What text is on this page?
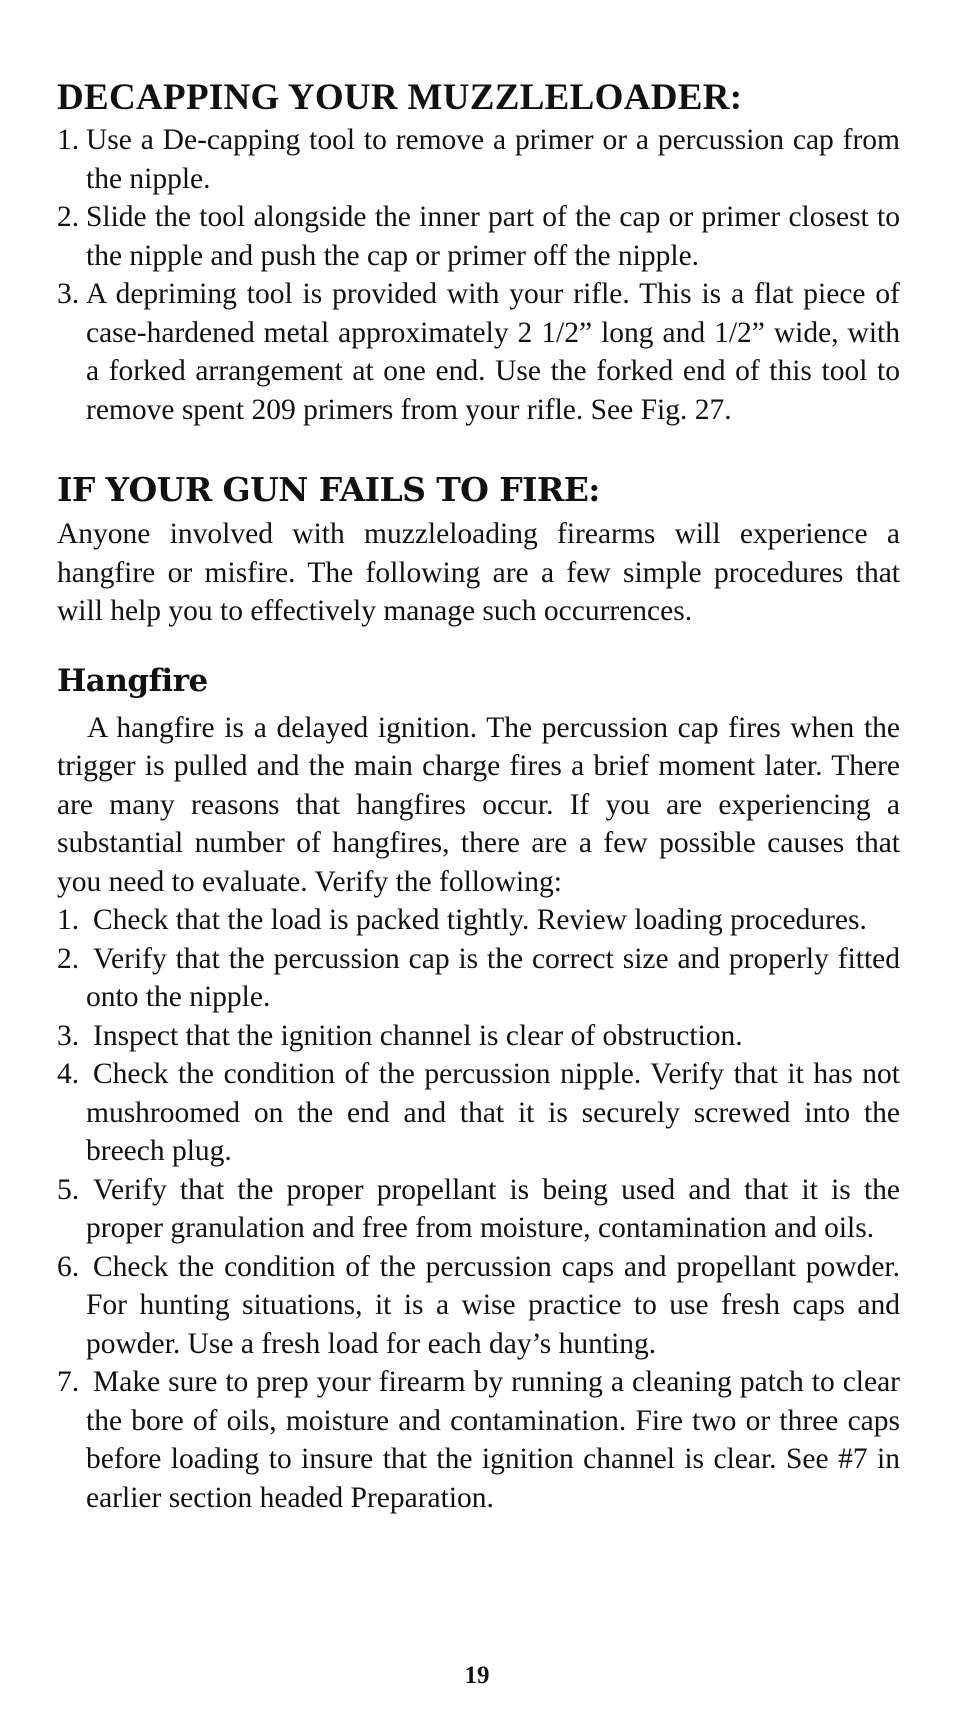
DECAPPING YOUR MUZZLELOADER:
1. Use a De-capping tool to remove a primer or a percussion cap from the nipple.
2. Slide the tool alongside the inner part of the cap or primer closest to the nipple and push the cap or primer off the nipple.
3. A depriming tool is provided with your rifle. This is a flat piece of case-hardened metal approximately 2 1/2” long and 1/2” wide, with a forked arrangement at one end. Use the forked end of this tool to remove spent 209 primers from your rifle. See Fig. 27.
IF YOUR GUN FAILS TO FIRE:

Anyone involved with muzzleloading firearms will experience a hangfire or misfire. The following are a few simple procedures that will help you to effectively manage such occurrences.

Hangfire

A hangfire is a delayed ignition. The percussion cap fires when the trigger is pulled and the main charge fires a brief moment later. There are many reasons that hangfires occur. If you are experiencing a substantial number of hangfires, there are a few possible causes that you need to evaluate. Verify the following:

1. Check that the load is packed tightly. Review loading procedures.
2. Verify that the percussion cap is the correct size and properly fitted onto the nipple.
3. Inspect that the ignition channel is clear of obstruction.
4. Check the condition of the percussion nipple. Verify that it has not mushroomed on the end and that it is securely screwed into the breech plug.
5. Verify that the proper propellant is being used and that it is the proper granulation and free from moisture, contamination and oils.
6. Check the condition of the percussion caps and propellant powder. For hunting situations, it is a wise practice to use fresh caps and powder. Use a fresh load for each day’s hunting.
7. Make sure to prep your firearm by running a cleaning patch to clear the bore of oils, moisture and contamination. Fire two or three caps before loading to insure that the ignition channel is clear. See #7 in earlier section headed Preparation.
19
